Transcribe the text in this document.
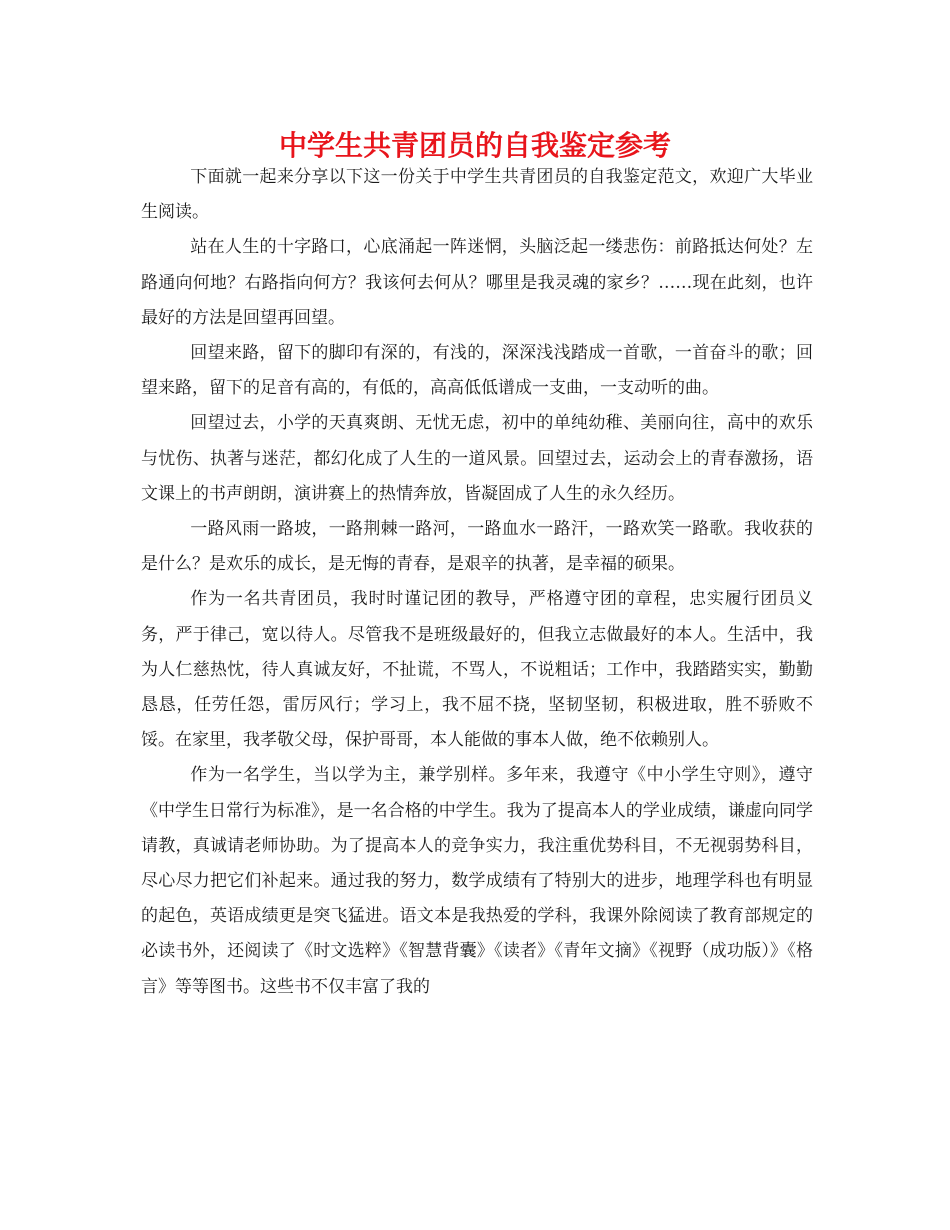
中学生共青团员的自我鉴定参考

下面就一起来分享以下这一份关于中学生共青团员的自我鉴定范文，欢迎广大毕业生阅读。

站在人生的十字路口，心底涌起一阵迷惘，头脑泛起一缕悲伤：前路抵达何处？左路通向何地？右路指向何方？我该何去何从？哪里是我灵魂的家乡？……现在此刻，也许最好的方法是回望再回望。

回望来路，留下的脚印有深的，有浅的，深深浅浅踏成一首歌，一首奋斗的歌；回望来路，留下的足音有高的，有低的，高高低低谱成一支曲，一支动听的曲。

回望过去，小学的天真爽朗、无忧无虑，初中的单纯幼稚、美丽向往，高中的欢乐与忧伤、执著与迷茫，都幻化成了人生的一道风景。回望过去，运动会上的青春激扬，语文课上的书声朗朗，演讲赛上的热情奔放，皆凝固成了人生的永久经历。

一路风雨一路坡，一路荆棘一路河，一路血水一路汗，一路欢笑一路歌。我收获的是什么？是欢乐的成长，是无悔的青春，是艰辛的执著，是幸福的硕果。

作为一名共青团员，我时时谨记团的教导，严格遵守团的章程，忠实履行团员义务，严于律己，宽以待人。尽管我不是班级最好的，但我立志做最好的本人。生活中，我为人仁慈热忱，待人真诚友好，不扯谎，不骂人，不说粗话；工作中，我踏踏实实，勤勤恳恳，任劳任怨，雷厉风行；学习上，我不屈不挠，坚韧坚韧，积极进取，胜不骄败不馁。在家里，我孝敬父母，保护哥哥，本人能做的事本人做，绝不依赖别人。

作为一名学生，当以学为主，兼学别样。多年来，我遵守《中小学生守则》，遵守《中学生日常行为标准》，是一名合格的中学生。我为了提高本人的学业成绩，谦虚向同学请教，真诚请老师协助。为了提高本人的竞争实力，我注重优势科目，不无视弱势科目，尽心尽力把它们补起来。通过我的努力，数学成绩有了特别大的进步，地理学科也有明显的起色，英语成绩更是突飞猛进。语文本是我热爱的学科，我课外除阅读了教育部规定的必读书外，还阅读了《时文选粹》《智慧背囊》《读者》《青年文摘》《视野（成功版）》《格言》等等图书。这些书不仅丰富了我的
